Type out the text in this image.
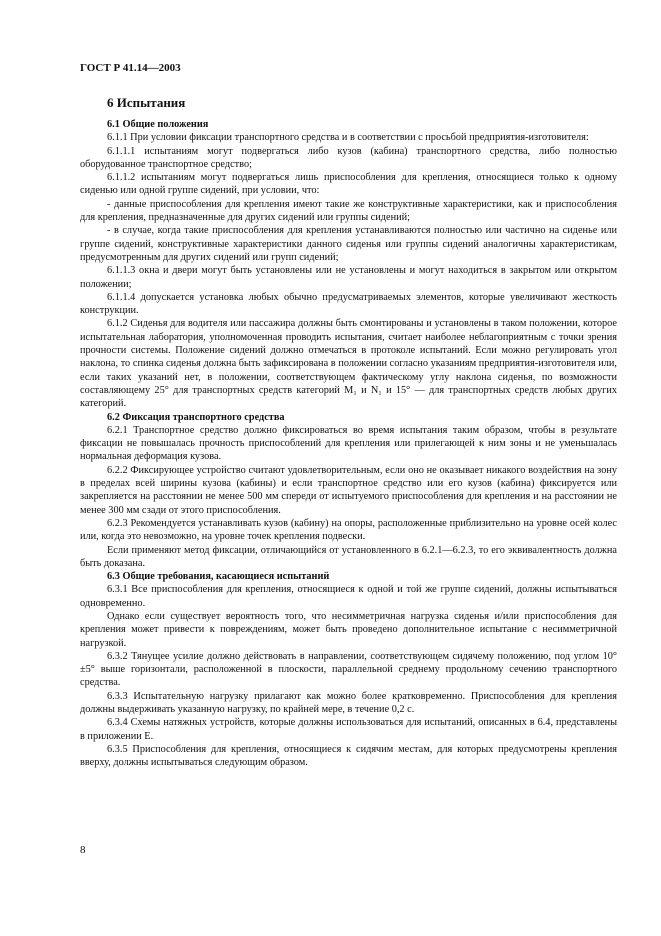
ГОСТ Р 41.14—2003
6 Испытания

6.1 Общие положения

6.1.1 При условии фиксации транспортного средства и в соответствии с просьбой предприятия-изготовителя:

6.1.1.1 испытаниям могут подвергаться либо кузов (кабина) транспортного средства, либо полностью оборудованное транспортное средство;

6.1.1.2 испытаниям могут подвергаться лишь приспособления для крепления, относящиеся только к одному сиденью или одной группе сидений, при условии, что:

- данные приспособления для крепления имеют такие же конструктивные характеристики, как и приспособления для крепления, предназначенные для других сидений или группы сидений;

- в случае, когда такие приспособления для крепления устанавливаются полностью или частично на сиденье или группе сидений, конструктивные характеристики данного сиденья или группы сидений аналогичны характеристикам, предусмотренным для других сидений или групп сидений;

6.1.1.3 окна и двери могут быть установлены или не установлены и могут находиться в закрытом или открытом положении;

6.1.1.4 допускается установка любых обычно предусматриваемых элементов, которые увеличивают жесткость конструкции.

6.1.2 Сиденья для водителя или пассажира должны быть смонтированы и установлены в таком положении, которое испытательная лаборатория, уполномоченная проводить испытания, считает наиболее неблагоприятным с точки зрения прочности системы. Положение сидений должно отмечаться в протоколе испытаний. Если можно регулировать угол наклона, то спинка сиденья должна быть зафиксирована в положении согласно указаниям предприятия-изготовителя или, если таких указаний нет, в положении, соответствующем фактическому углу наклона сиденья, по возможности составляющему 25° для транспортных средств категорий M₁ и N₁ и 15° — для транспортных средств любых других категорий.

6.2 Фиксация транспортного средства

6.2.1 Транспортное средство должно фиксироваться во время испытания таким образом, чтобы в результате фиксации не повышалась прочность приспособлений для крепления или прилегающей к ним зоны и не уменьшалась нормальная деформация кузова.

6.2.2 Фиксирующее устройство считают удовлетворительным, если оно не оказывает никакого воздействия на зону в пределах всей ширины кузова (кабины) и если транспортное средство или его кузов (кабина) фиксируется или закрепляется на расстоянии не менее 500 мм спереди от испытуемого приспособления для крепления и на расстоянии не менее 300 мм сзади от этого приспособления.

6.2.3 Рекомендуется устанавливать кузов (кабину) на опоры, расположенные приблизительно на уровне осей колес или, когда это невозможно, на уровне точек крепления подвески.

Если применяют метод фиксации, отличающийся от установленного в 6.2.1—6.2.3, то его эквивалентность должна быть доказана.

6.3 Общие требования, касающиеся испытаний

6.3.1 Все приспособления для крепления, относящиеся к одной и той же группе сидений, должны испытываться одновременно.

Однако если существует вероятность того, что несимметричная нагрузка сиденья и/или приспособления для крепления может привести к повреждениям, может быть проведено дополнительное испытание с несимметричной нагрузкой.

6.3.2 Тянущее усилие должно действовать в направлении, соответствующем сидячему положению, под углом 10°±5° выше горизонтали, расположенной в плоскости, параллельной среднему продольному сечению транспортного средства.

6.3.3 Испытательную нагрузку прилагают как можно более кратковременно. Приспособления для крепления должны выдерживать указанную нагрузку, по крайней мере, в течение 0,2 с.

6.3.4 Схемы натяжных устройств, которые должны использоваться для испытаний, описанных в 6.4, представлены в приложении Е.

6.3.5 Приспособления для крепления, относящиеся к сидячим местам, для которых предусмотрены крепления вверху, должны испытываться следующим образом.

8
